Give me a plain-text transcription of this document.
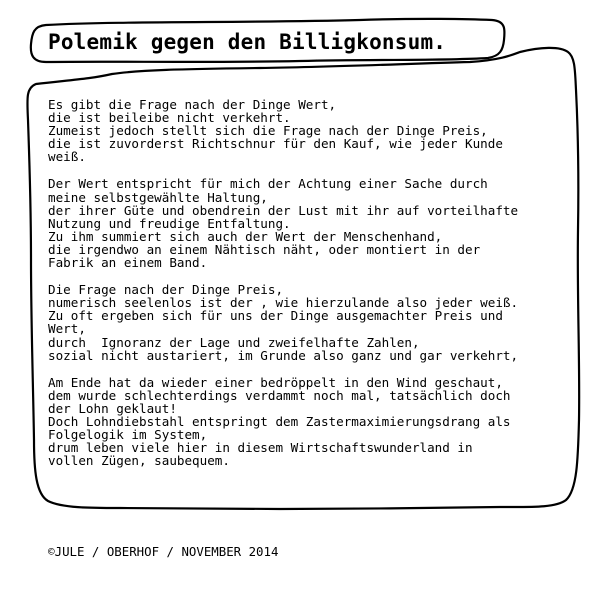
Polemik gegen den Billigkonsum.
Es gibt die Frage nach der Dinge Wert,
die ist beileibe nicht verkehrt.
Zumeist jedoch stellt sich die Frage nach der Dinge Preis,
die ist zuvorderst Richtschnur für den Kauf, wie jeder Kunde
weiß.
Der Wert entspricht für mich der Achtung einer Sache durch
meine selbstgewählte Haltung,
der ihrer Güte und obendrein der Lust mit ihr auf vorteilhafte
Nutzung und freudige Entfaltung.
Zu ihm summiert sich auch der Wert der Menschenhand,
die irgendwo an einem Nähtisch näht, oder montiert in der
Fabrik an einem Band.
Die Frage nach der Dinge Preis,
numerisch seelenlos ist der , wie hierzulande also jeder weiß.
Zu oft ergeben sich für uns der Dinge ausgemachter Preis und
Wert,
durch  Ignoranz der Lage und zweifelhafte Zahlen,
sozial nicht austariert, im Grunde also ganz und gar verkehrt,
Am Ende hat da wieder einer bedröppelt in den Wind geschaut,
dem wurde schlechterdings verdammt noch mal, tatsächlich doch
der Lohn geklaut!
Doch Lohndiebstahl entspringt dem Zastermaximierungsdrang als
Folgelogik im System,
drum leben viele hier in diesem Wirtschaftswunderland in
vollen Zügen, saubequem.
©JULE / OBERHOF / NOVEMBER 2014
